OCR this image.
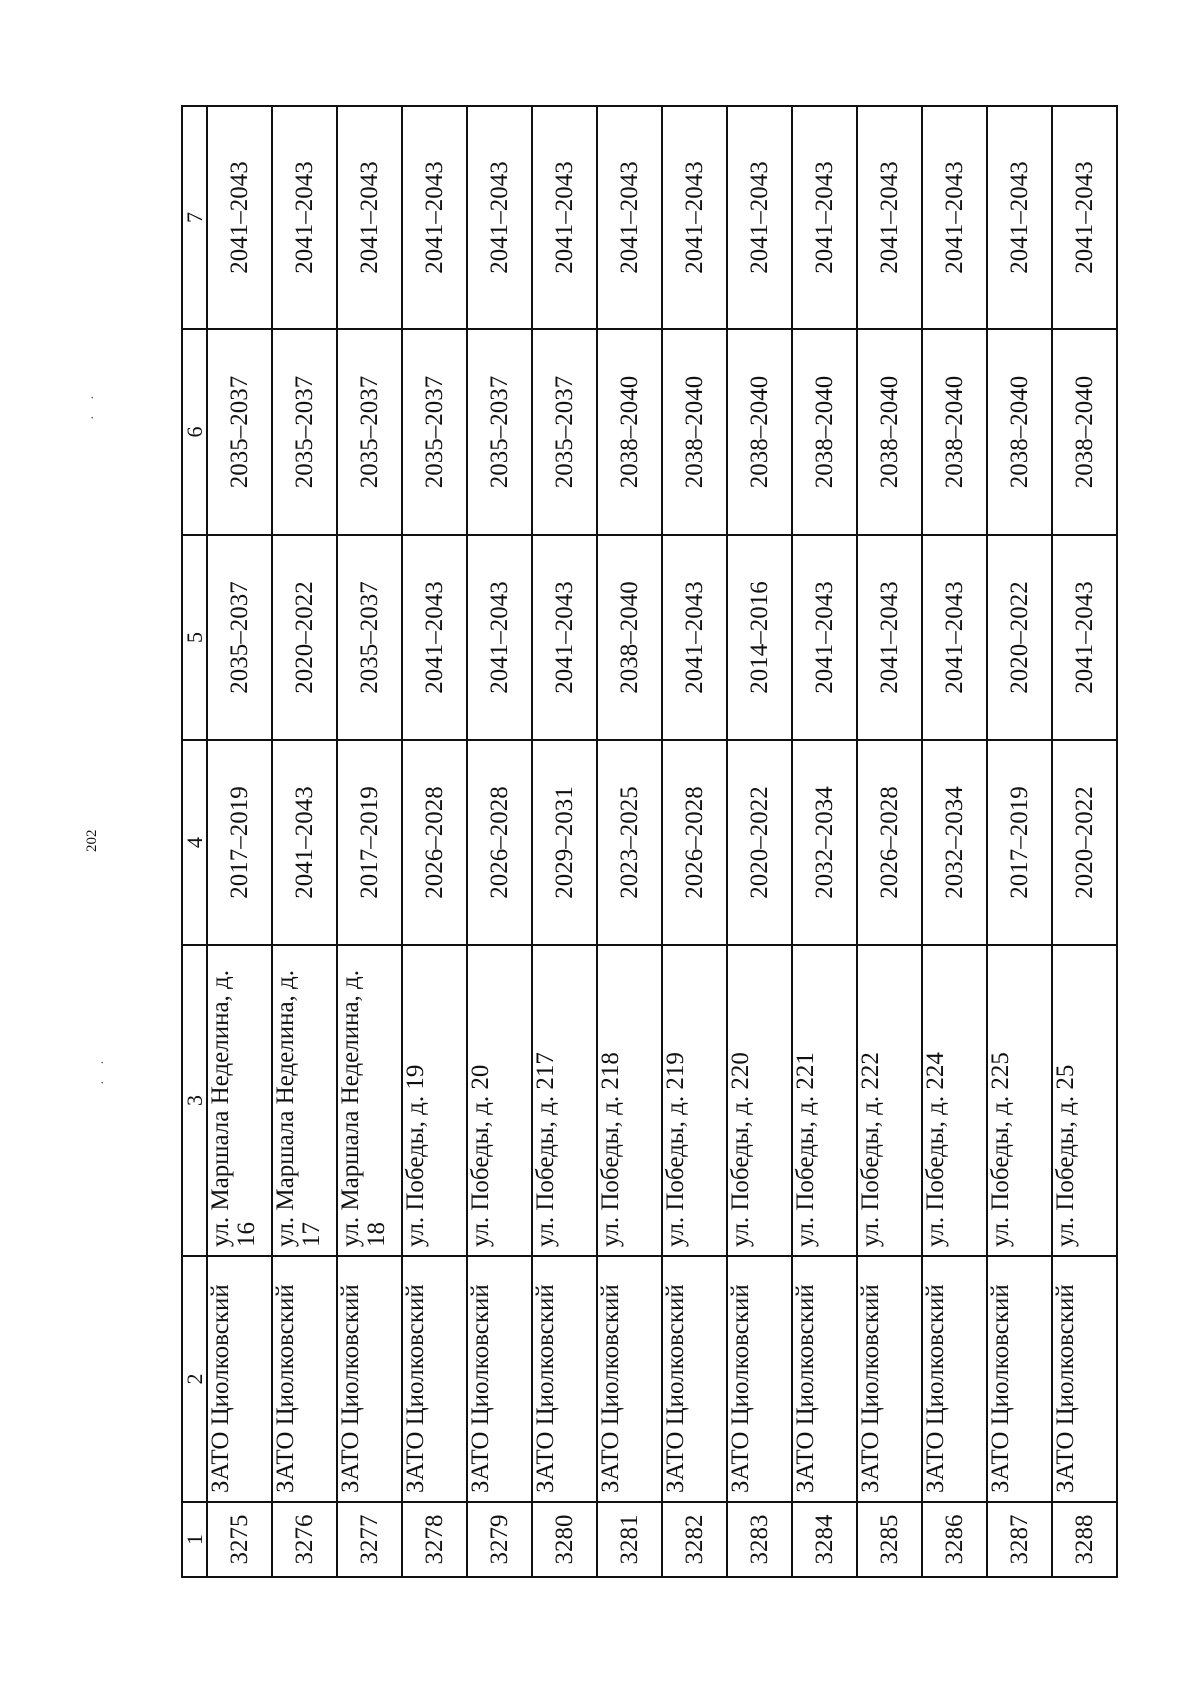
202
· ·
· ·
1	2	3	4	5	6	7
3275	ЗАТО Циолковский	ул. Маршала Неделина, д. 16	2017–2019	2035–2037	2035–2037	2041–2043
3276	ЗАТО Циолковский	ул. Маршала Неделина, д. 17	2041–2043	2020–2022	2035–2037	2041–2043
3277	ЗАТО Циолковский	ул. Маршала Неделина, д. 18	2017–2019	2035–2037	2035–2037	2041–2043
3278	ЗАТО Циолковский	ул. Победы, д. 19	2026–2028	2041–2043	2035–2037	2041–2043
3279	ЗАТО Циолковский	ул. Победы, д. 20	2026–2028	2041–2043	2035–2037	2041–2043
3280	ЗАТО Циолковский	ул. Победы, д. 217	2029–2031	2041–2043	2035–2037	2041–2043
3281	ЗАТО Циолковский	ул. Победы, д. 218	2023–2025	2038–2040	2038–2040	2041–2043
3282	ЗАТО Циолковский	ул. Победы, д. 219	2026–2028	2041–2043	2038–2040	2041–2043
3283	ЗАТО Циолковский	ул. Победы, д. 220	2020–2022	2014–2016	2038–2040	2041–2043
3284	ЗАТО Циолковский	ул. Победы, д. 221	2032–2034	2041–2043	2038–2040	2041–2043
3285	ЗАТО Циолковский	ул. Победы, д. 222	2026–2028	2041–2043	2038–2040	2041–2043
3286	ЗАТО Циолковский	ул. Победы, д. 224	2032–2034	2041–2043	2038–2040	2041–2043
3287	ЗАТО Циолковский	ул. Победы, д. 225	2017–2019	2020–2022	2038–2040	2041–2043
3288	ЗАТО Циолковский	ул. Победы, д. 25	2020–2022	2041–2043	2038–2040	2041–2043
